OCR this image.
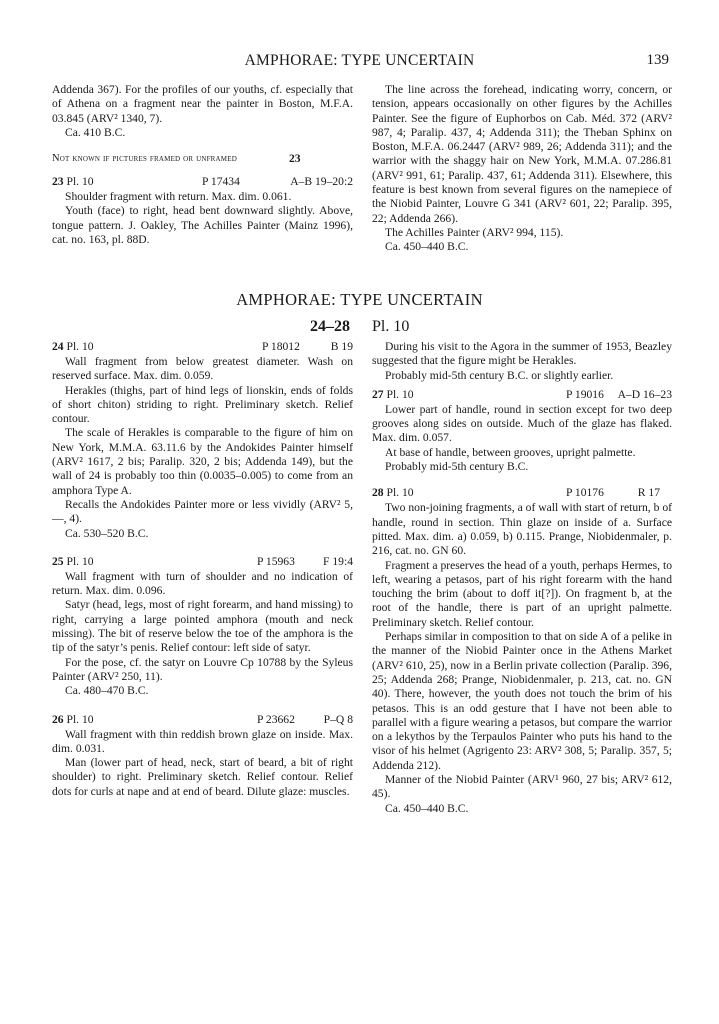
AMPHORAE: TYPE UNCERTAIN	139

Addenda 367). For the profiles of our youths, cf. especially that of Athena on a fragment near the painter in Boston, M.F.A. 03.845 (ARV² 1340, 7).

Ca. 410 B.C.

Not known if pictures framed or unframed	23
23 Pl. 10	P 17434	A–B 19–20:2

Shoulder fragment with return. Max. dim. 0.061.

Youth (face) to right, head bent downward slightly. Above, tongue pattern. J. Oakley, The Achilles Painter (Mainz 1996), cat. no. 163, pl. 88D.

The line across the forehead, indicating worry, concern, or tension, appears occasionally on other figures by the Achilles Painter. See the figure of Euphorbos on Cab. Méd. 372 (ARV² 987, 4; Paralip. 437, 4; Addenda 311); the Theban Sphinx on Boston, M.F.A. 06.2447 (ARV² 989, 26; Addenda 311); and the warrior with the shaggy hair on New York, M.M.A. 07.286.81 (ARV² 991, 61; Paralip. 437, 61; Addenda 311). Elsewhere, this feature is best known from several figures on the namepiece of the Niobid Painter, Louvre G 341 (ARV² 601, 22; Paralip. 395, 22; Addenda 266).

The Achilles Painter (ARV² 994, 115).

Ca. 450–440 B.C.

AMPHORAE: TYPE UNCERTAIN
24–28 Pl. 10
24 Pl. 10	P 18012	B 19

Wall fragment from below greatest diameter. Wash on reserved surface. Max. dim. 0.059.

Herakles (thighs, part of hind legs of lionskin, ends of folds of short chiton) striding to right. Preliminary sketch. Relief contour.

The scale of Herakles is comparable to the figure of him on New York, M.M.A. 63.11.6 by the Andokides Painter himself (ARV² 1617, 2 bis; Paralip. 320, 2 bis; Addenda 149), but the wall of 24 is probably too thin (0.0035–0.005) to come from an amphora Type A.

Recalls the Andokides Painter more or less vividly (ARV² 5, —, 4).

Ca. 530–520 B.C.

25 Pl. 10	P 15963 F 19:4

Wall fragment with turn of shoulder and no indication of return. Max. dim. 0.096.

Satyr (head, legs, most of right forearm, and hand missing) to right, carrying a large pointed amphora (mouth and neck missing). The bit of reserve below the toe of the amphora is the tip of the satyr’s penis. Relief contour: left side of satyr.

For the pose, cf. the satyr on Louvre Cp 10788 by the Syleus Painter (ARV² 250, 11).

Ca. 480–470 B.C.

26 Pl. 10	P 23662 P–Q 8

Wall fragment with thin reddish brown glaze on inside. Max. dim. 0.031.

Man (lower part of head, neck, start of beard, a bit of right shoulder) to right. Preliminary sketch. Relief contour. Relief dots for curls at nape and at end of beard. Dilute glaze: muscles.

During his visit to the Agora in the summer of 1953, Beazley suggested that the figure might be Herakles.

Probably mid-5th century B.C. or slightly earlier.

27 Pl. 10	P 19016 A–D 16–23

Lower part of handle, round in section except for two deep grooves along sides on outside. Much of the glaze has flaked. Max. dim. 0.057.

At base of handle, between grooves, upright palmette.

Probably mid-5th century B.C.

28 Pl. 10	P 10176	R 17

Two non-joining fragments, a of wall with start of return, b of handle, round in section. Thin glaze on inside of a. Surface pitted. Max. dim. a) 0.059, b) 0.115. Prange, Niobidenmaler, p. 216, cat. no. GN 60.

Fragment a preserves the head of a youth, perhaps Hermes, to left, wearing a petasos, part of his right forearm with the hand touching the brim (about to doff it[?]). On fragment b, at the root of the handle, there is part of an upright palmette. Preliminary sketch. Relief contour.

Perhaps similar in composition to that on side A of a pelike in the manner of the Niobid Painter once in the Athens Market (ARV² 610, 25), now in a Berlin private collection (Paralip. 396, 25; Addenda 268; Prange, Niobidenmaler, p. 213, cat. no. GN 40). There, however, the youth does not touch the brim of his petasos. This is an odd gesture that I have not been able to parallel with a figure wearing a petasos, but compare the warrior on a lekythos by the Terpaulos Painter who puts his hand to the visor of his helmet (Agrigento 23: ARV² 308, 5; Paralip. 357, 5; Addenda 212).

Manner of the Niobid Painter (ARV¹ 960, 27 bis; ARV² 612, 45).

Ca. 450–440 B.C.
